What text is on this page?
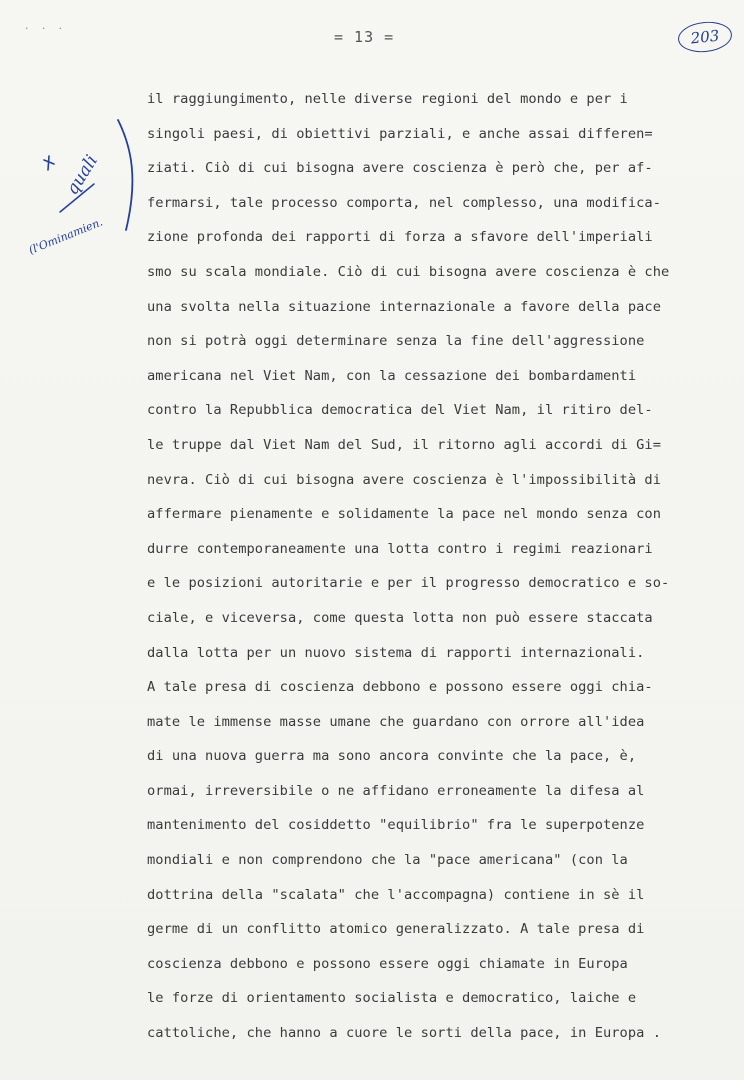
. . .
= 13 =	203
quali
(l'Ominamien.
il raggiungimento, nelle diverse regioni del mondo e per i
singoli paesi, di obiettivi parziali, e anche assai differen=
ziati. Ciò di cui bisogna avere coscienza è però che, per af-
fermarsi, tale processo comporta, nel complesso, una modifica-
zione profonda dei rapporti di forza a sfavore dell'imperiali
smo su scala mondiale. Ciò di cui bisogna avere coscienza è che
una svolta nella situazione internazionale a favore della pace
non si potrà oggi determinare senza la fine dell'aggressione
americana nel Viet Nam, con la cessazione dei bombardamenti
contro la Repubblica democratica del Viet Nam, il ritiro del-
le truppe dal Viet Nam del Sud, il ritorno agli accordi di Gi=
nevra. Ciò di cui bisogna avere coscienza è l'impossibilità di
affermare pienamente e solidamente la pace nel mondo senza con
durre contemporaneamente una lotta contro i regimi reazionari
e le posizioni autoritarie e per il progresso democratico e so-
ciale, e viceversa, come questa lotta non può essere staccata
dalla lotta per un nuovo sistema di rapporti internazionali.
A tale presa di coscienza debbono e possono essere oggi chia-
mate le immense masse umane che guardano con orrore all'idea
di una nuova guerra ma sono ancora convinte che la pace, è,
ormai, irreversibile o ne affidano erroneamente la difesa al
mantenimento del cosiddetto "equilibrio" fra le superpotenze
mondiali e non comprendono che la "pace americana" (con la
dottrina della "scalata" che l'accompagna) contiene in sè il
germe di un conflitto atomico generalizzato. A tale presa di
coscienza debbono e possono essere oggi chiamate in Europa
le forze di orientamento socialista e democratico, laiche e
cattoliche, che hanno a cuore le sorti della pace, in Europa .
